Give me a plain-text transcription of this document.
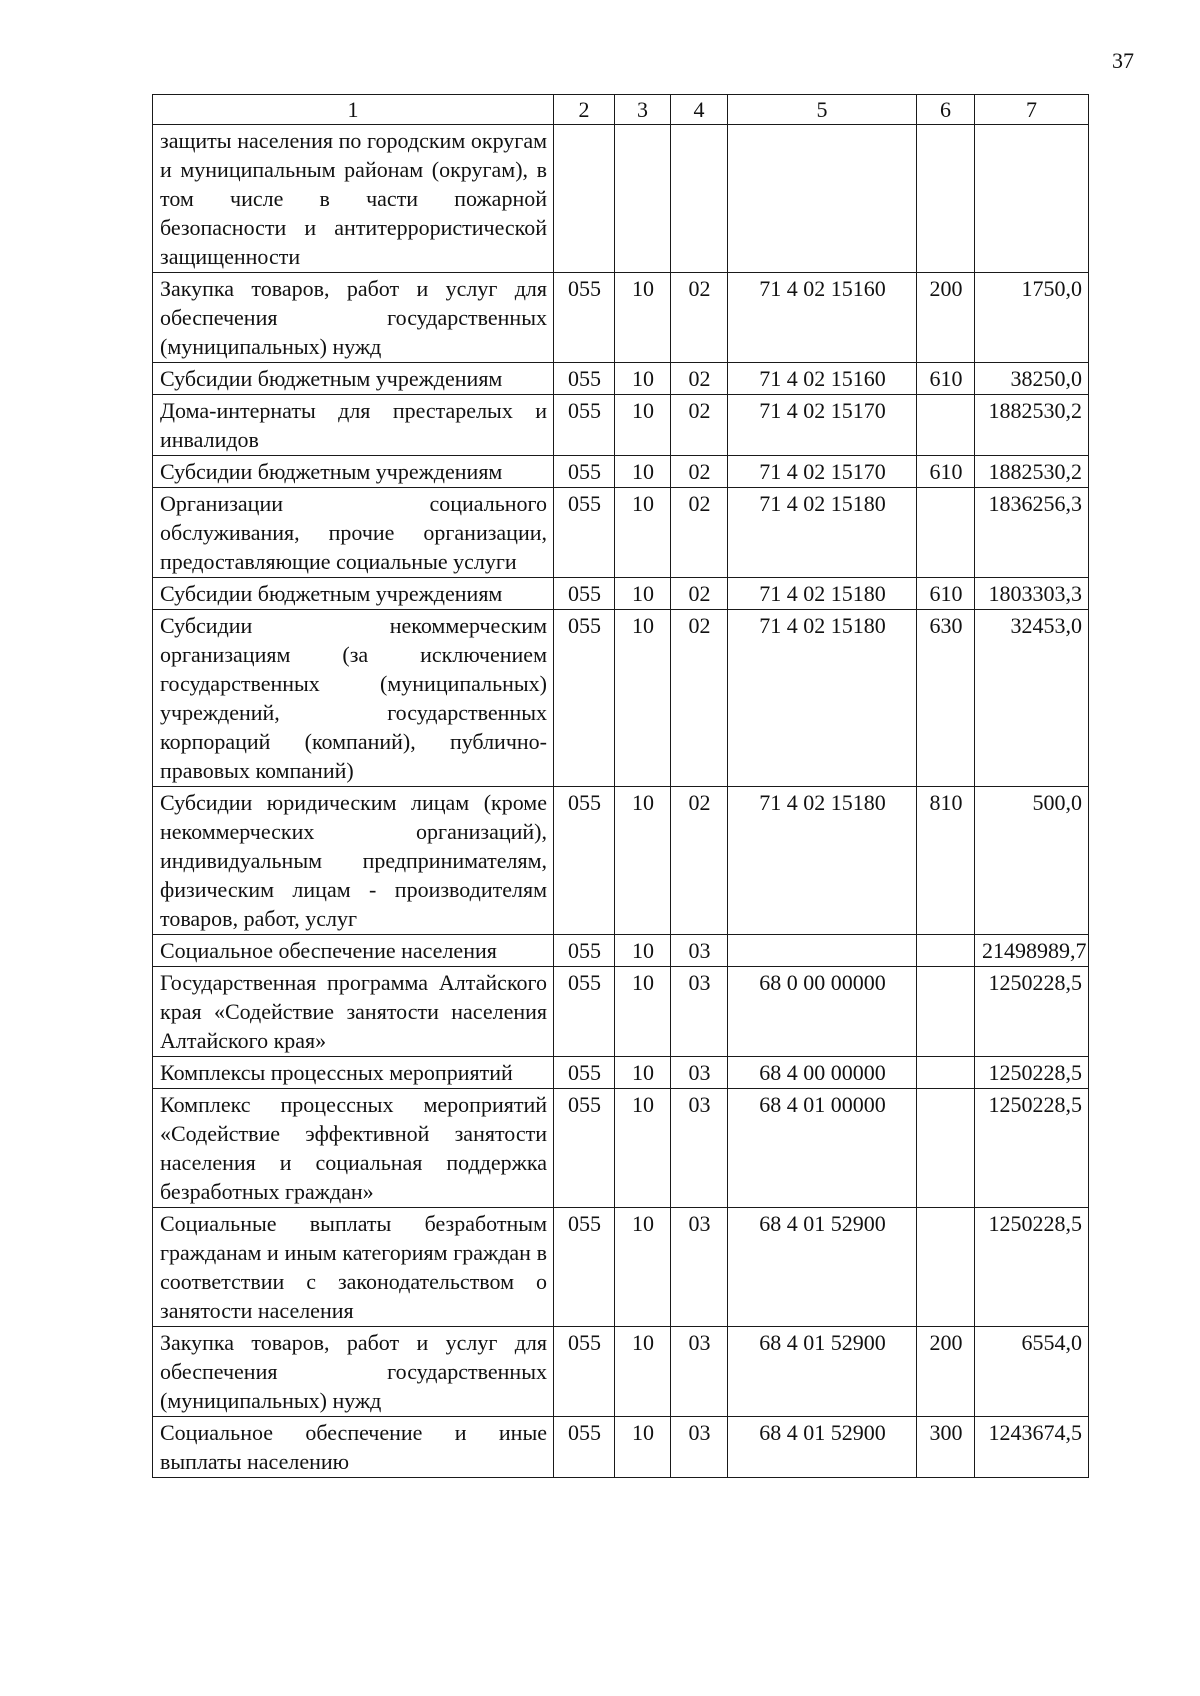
37
1	2	3	4	5	6	7
защиты населения по городским округам и муниципальным районам (округам), в том числе в части пожарной безопасности и антитеррористической защищенности						
Закупка товаров, работ и услуг для обеспечения государственных (муниципальных) нужд	055	10	02	71 4 02 15160	200	1750,0
Субсидии бюджетным учреждениям	055	10	02	71 4 02 15160	610	38250,0
Дома-интернаты для престарелых и инвалидов	055	10	02	71 4 02 15170		1882530,2
Субсидии бюджетным учреждениям	055	10	02	71 4 02 15170	610	1882530,2
Организации социального обслуживания, прочие организации, предоставляющие социальные услуги	055	10	02	71 4 02 15180		1836256,3
Субсидии бюджетным учреждениям	055	10	02	71 4 02 15180	610	1803303,3
Субсидии некоммерческим организациям (за исключением государственных (муниципальных) учреждений, государственных корпораций (компаний), публично-правовых компаний)	055	10	02	71 4 02 15180	630	32453,0
Субсидии юридическим лицам (кроме некоммерческих организаций), индивидуальным предпринимателям, физическим лицам - производителям товаров, работ, услуг	055	10	02	71 4 02 15180	810	500,0
Социальное обеспечение населения	055	10	03			21498989,7
Государственная программа Алтайского края «Содействие занятости населения Алтайского края»	055	10	03	68 0 00 00000		1250228,5
Комплексы процессных мероприятий	055	10	03	68 4 00 00000		1250228,5
Комплекс процессных мероприятий «Содействие эффективной занятости населения и социальная поддержка безработных граждан»	055	10	03	68 4 01 00000		1250228,5
Социальные выплаты безработным гражданам и иным категориям граждан в соответствии с законодательством о занятости населения	055	10	03	68 4 01 52900		1250228,5
Закупка товаров, работ и услуг для обеспечения государственных (муниципальных) нужд	055	10	03	68 4 01 52900	200	6554,0
Социальное обеспечение и иные выплаты населению	055	10	03	68 4 01 52900	300	1243674,5
